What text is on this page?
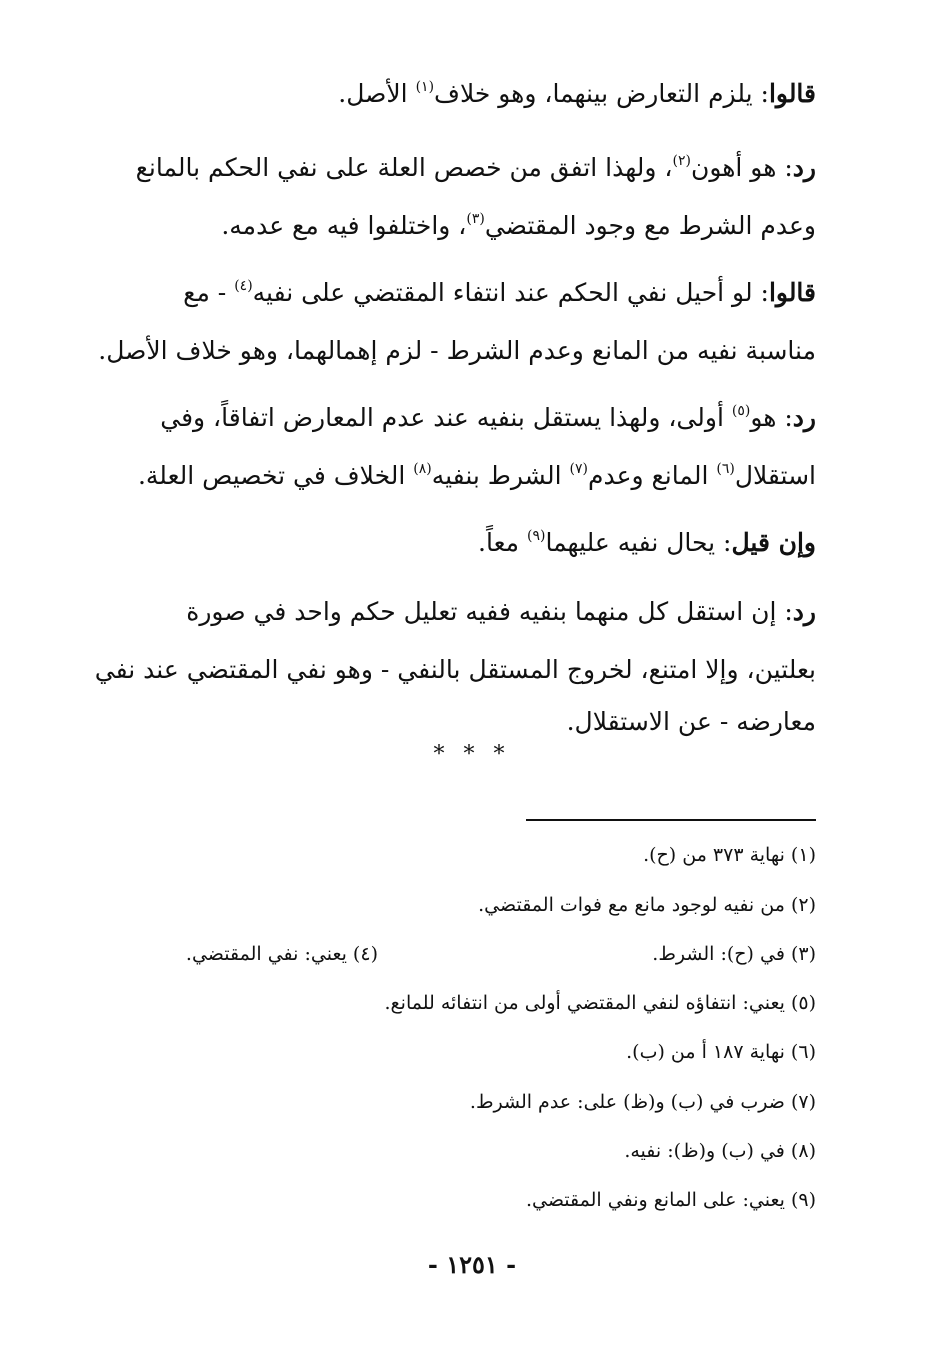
قالوا: يلزم التعارض بينهما، وهو خلاف$^{(١)}$ الأصل.
رد: هو أهون$^{(٢)}$، ولهذا اتفق من خصص العلة على نفي الحكم بالمانع
وعدم الشرط مع وجود المقتضي$^{(٣)}$، واختلفوا فيه مع عدمه.
قالوا: لو أحيل نفي الحكم عند انتفاء المقتضي على نفيه$^{(٤)}$ - مع
مناسبة نفيه من المانع وعدم الشرط - لزم إهمالهما، وهو خلاف الأصل.
رد: هو$^{(٥)}$ أولى، ولهذا يستقل بنفيه عند عدم المعارض اتفاقاً، وفي
استقلال$^{(٦)}$ المانع وعدم$^{(٧)}$ الشرط بنفيه$^{(٨)}$ الخلاف في تخصيص العلة.
وإن قيل: يحال نفيه عليهما$^{(٩)}$ معاً.
رد: إن استقل كل منهما بنفيه ففيه تعليل حكم واحد في صورة
بعلتين، وإلا امتنع، لخروج المستقل بالنفي - وهو نفي المقتضي عند نفي
معارضه - عن الاستقلال.
* * *
(١) نهاية ٣٧٣ من (ح).
(٢) من نفيه لوجود مانع مع فوات المقتضي.
(٣) في (ح): الشرط.
(٤) يعني: نفي المقتضي.
(٥) يعني: انتفاؤه لنفي المقتضي أولى من انتفائه للمانع.
(٦) نهاية ١٨٧ أ من (ب).
(٧) ضرب في (ب) و(ظ) على: عدم الشرط.
(٨) في (ب) و(ظ): نفيه.
(٩) يعني: على المانع ونفي المقتضي.
- ١٢٥١ -
